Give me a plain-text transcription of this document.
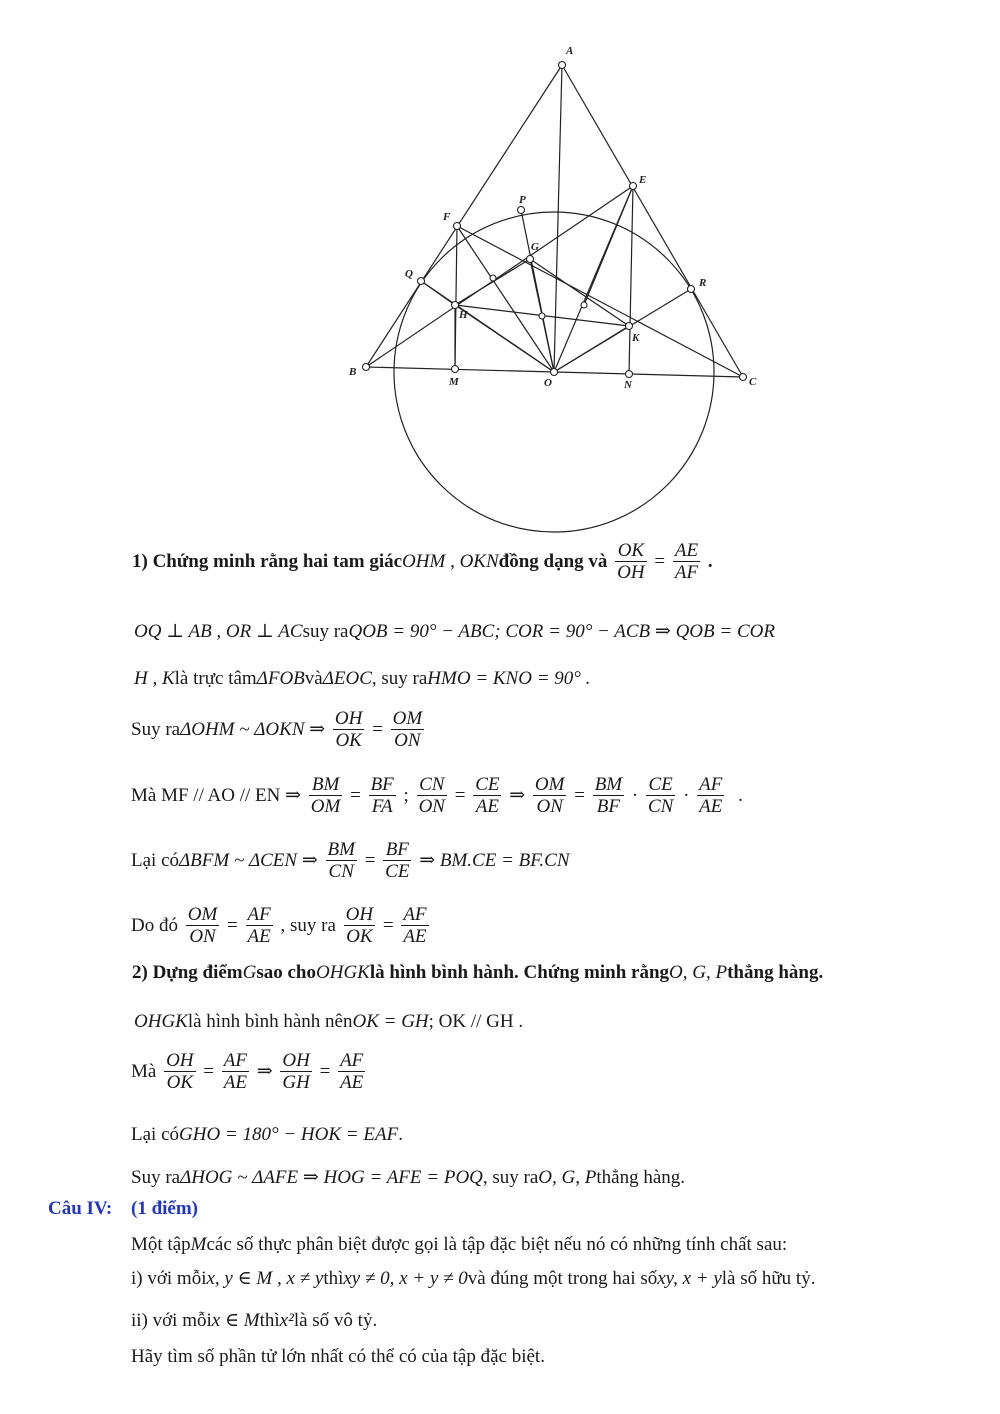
A
E
P
F
G
Q
R
H
K
B
M	O	N	C
1) Chứng minh rằng hai tam giácOHM , OKNđồng dạng và $\frac{OK}{OH} = \frac{AE}{AF}$ .
OQ ⊥ AB , OR ⊥ ACsuy raQOB = 90° − ABC; COR = 90° − ACB ⇒ QOB = COR
H , Klà trực tâmΔFOBvàΔEOC, suy raHMO = KNO = 90° .
Suy raΔOHM ~ ΔOKN ⇒ $\frac{OH}{OK} = \frac{OM}{ON}$
Mà MF // AO // EN ⇒ $\frac{BM}{OM} = \frac{BF}{FA}$ ; $\frac{CN}{ON} = \frac{CE}{AE}$ ⇒ $\frac{OM}{ON} = \frac{BM}{BF} \cdot \frac{CE}{CN} \cdot \frac{AF}{AE}$ .
Lại cóΔBFM ~ ΔCEN ⇒ $\frac{BM}{CN} = \frac{BF}{CE}$ ⇒ BM.CE = BF.CN
Do đó $\frac{OM}{ON} = \frac{AF}{AE}$ , suy ra $\frac{OH}{OK} = \frac{AF}{AE}$
2) Dựng điểmGsao choOHGKlà hình bình hành. Chứng minh rằngO, G, Pthẳng hàng.
OHGKlà hình bình hành nênOK = GH; OK // GH .
Mà $\frac{OH}{OK} = \frac{AF}{AE}$ ⇒ $\frac{OH}{GH} = \frac{AF}{AE}$
Lại cóGHO = 180° − HOK = EAF.
Suy raΔHOG ~ ΔAFE ⇒ HOG = AFE = POQ, suy raO, G, Pthẳng hàng.
Câu IV: (1 điểm)
Một tậpMcác số thực phân biệt được gọi là tập đặc biệt nếu nó có những tính chất sau:
i) với mỗix, y ∈ M , x ≠ ythìxy ≠ 0, x + y ≠ 0và đúng một trong hai sốxy, x + ylà số hữu tỷ.
ii) với mỗix ∈ Mthìx²là số vô tỷ.
Hãy tìm số phần tử lớn nhất có thể có của tập đặc biệt.
